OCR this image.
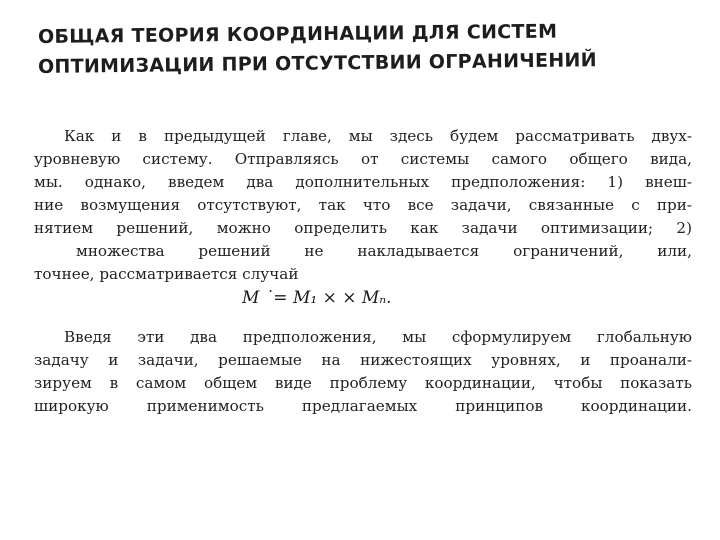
ОБЩАЯ ТЕОРИЯ КООРДИНАЦИИ ДЛЯ СИСТЕМ
ОПТИМИЗАЦИИ ПРИ ОТСУТСТВИИ ОГРАНИЧЕНИЙ
Как и в предыдущей главе, мы здесь будем рассматривать двух-
уровневую систему. Отправляясь от системы самого общего вида,
мы. однако, введем два дополнительных предположения: 1) внеш-
ние возмущения отсутствуют, так что все задачи, связанные с при-
нятием решений, можно определить как задачи оптимизации; 2)
множества решений не накладывается ограничений, или,
точнее, рассматривается случай
M ˙= M₁ × × Mₙ.
Введя эти два предположения, мы сформулируем глобальную
задачу и задачи, решаемые на нижестоящих уровнях, и проанали-
зируем в самом общем виде проблему координации, чтобы показать
широкую применимость предлагаемых принципов координации.
